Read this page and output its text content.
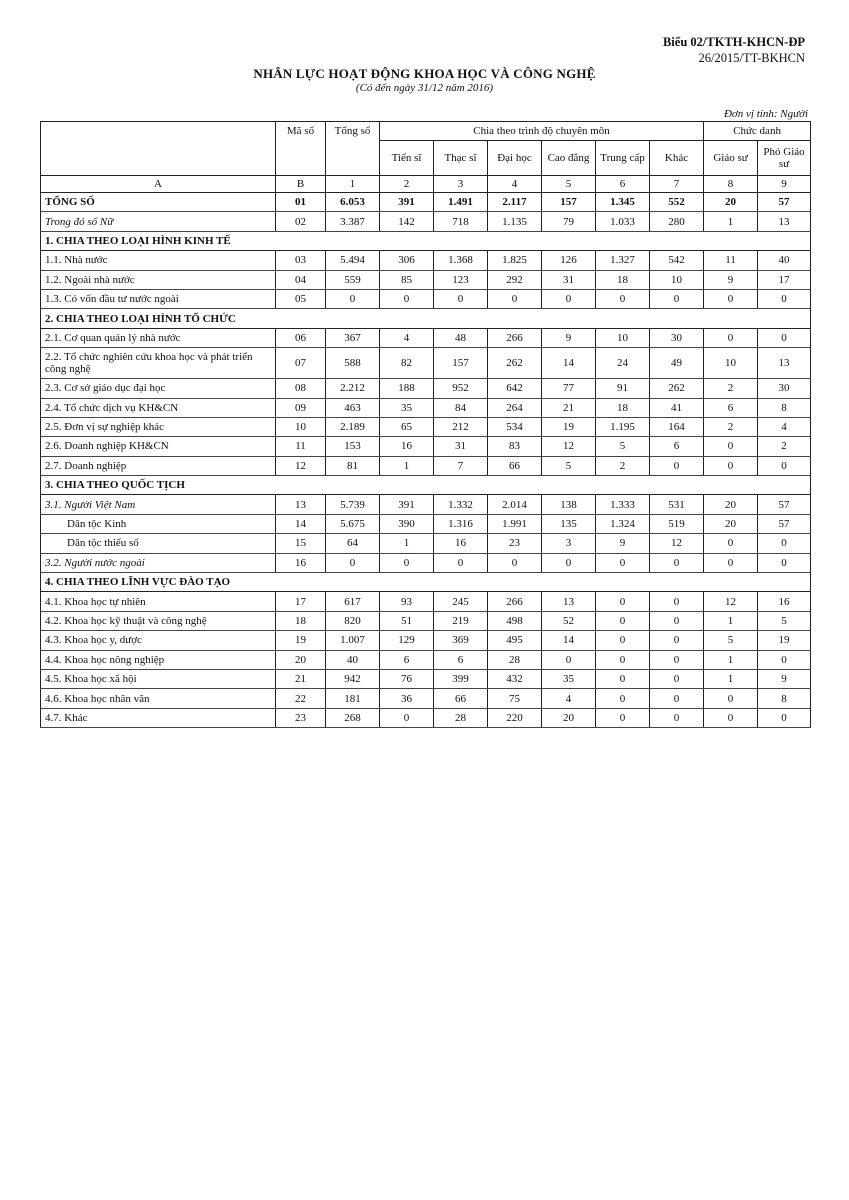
Biểu 02/TKTH-KHCN-ĐP
26/2015/TT-BKHCN
NHÂN LỰC HOẠT ĐỘNG KHOA HỌC VÀ CÔNG NGHỆ
(Có đến ngày 31/12 năm 2016)
Đơn vị tính: Người
	Mã số	Tổng số	Chia theo trình độ chuyên môn						Chức danh	
			Tiến sĩ	Thạc sĩ	Đại học	Cao đẳng	Trung cấp	Khác	Giáo sư	Phó Giáo sư
A	B	1	2	3	4	5	6	7	8	9
TỔNG SỐ	01	6.053	391	1.491	2.117	157	1.345	552	20	57
Trong đó số Nữ	02	3.387	142	718	1.135	79	1.033	280	1	13
1. CHIA THEO LOẠI HÌNH KINH TẾ										
1.1. Nhà nước	03	5.494	306	1.368	1.825	126	1.327	542	11	40
1.2. Ngoài nhà nước	04	559	85	123	292	31	18	10	9	17
1.3. Có vốn đầu tư nước ngoài	05	0	0	0	0	0	0	0	0	0
2. CHIA THEO LOẠI HÌNH TỔ CHỨC										
2.1. Cơ quan quản lý nhà nước	06	367	4	48	266	9	10	30	0	0
2.2. Tổ chức nghiên cứu khoa học và phát triển công nghệ	07	588	82	157	262	14	24	49	10	13
2.3. Cơ sở giáo dục đại học	08	2.212	188	952	642	77	91	262	2	30
2.4. Tổ chức dịch vụ KH&CN	09	463	35	84	264	21	18	41	6	8
2.5. Đơn vị sự nghiệp khác	10	2.189	65	212	534	19	1.195	164	2	4
2.6. Doanh nghiệp KH&CN	11	153	16	31	83	12	5	6	0	2
2.7. Doanh nghiệp	12	81	1	7	66	5	2	0	0	0
3. CHIA THEO QUỐC TỊCH										
3.1. Người Việt Nam	13	5.739	391	1.332	2.014	138	1.333	531	20	57
Dân tộc Kinh	14	5.675	390	1.316	1.991	135	1.324	519	20	57
Dân tộc thiểu số	15	64	1	16	23	3	9	12	0	0
3.2. Người nước ngoài	16	0	0	0	0	0	0	0	0	0
4. CHIA THEO LĨNH VỰC ĐÀO TẠO										
4.1. Khoa học tự nhiên	17	617	93	245	266	13	0	0	12	16
4.2. Khoa học kỹ thuật và công nghệ	18	820	51	219	498	52	0	0	1	5
4.3. Khoa học y, dược	19	1.007	129	369	495	14	0	0	5	19
4.4. Khoa học nông nghiệp	20	40	6	6	28	0	0	0	1	0
4.5. Khoa học xã hội	21	942	76	399	432	35	0	0	1	9
4.6. Khoa học nhân văn	22	181	36	66	75	4	0	0	0	8
4.7. Khác	23	268	0	28	220	20	0	0	0	0
